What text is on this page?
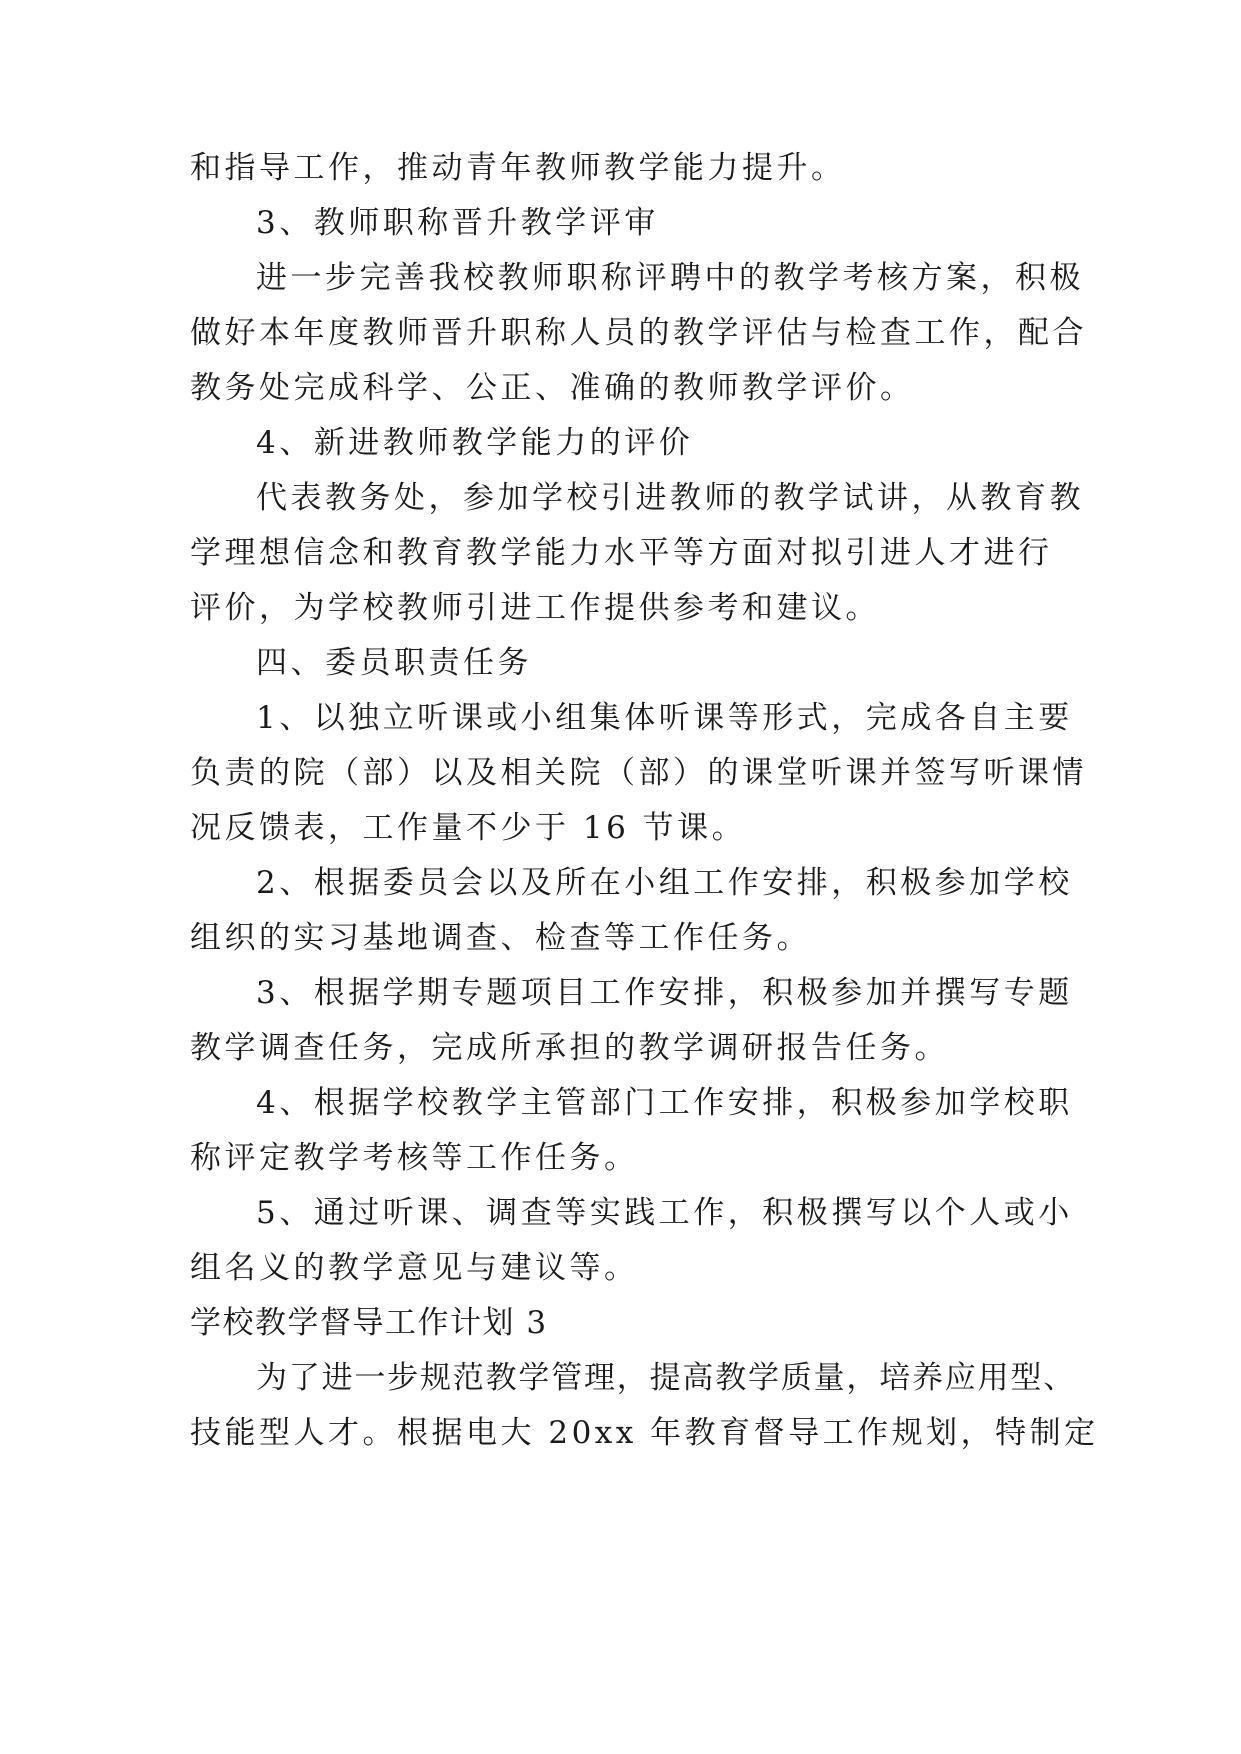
和指导工作，推动青年教师教学能力提升。
3、教师职称晋升教学评审
进一步完善我校教师职称评聘中的教学考核方案，积极
做好本年度教师晋升职称人员的教学评估与检查工作，配合
教务处完成科学、公正、准确的教师教学评价。
4、新进教师教学能力的评价
代表教务处，参加学校引进教师的教学试讲，从教育教
学理想信念和教育教学能力水平等方面对拟引进人才进行
评价，为学校教师引进工作提供参考和建议。
四、委员职责任务
1、以独立听课或小组集体听课等形式，完成各自主要
负责的院（部）以及相关院（部）的课堂听课并签写听课情
况反馈表，工作量不少于 16 节课。
2、根据委员会以及所在小组工作安排，积极参加学校
组织的实习基地调查、检查等工作任务。
3、根据学期专题项目工作安排，积极参加并撰写专题
教学调查任务，完成所承担的教学调研报告任务。
4、根据学校教学主管部门工作安排，积极参加学校职
称评定教学考核等工作任务。
5、通过听课、调查等实践工作，积极撰写以个人或小
组名义的教学意见与建议等。
学校教学督导工作计划 3
为了进一步规范教学管理，提高教学质量，培养应用型、
技能型人才。根据电大 20xx 年教育督导工作规划，特制定
